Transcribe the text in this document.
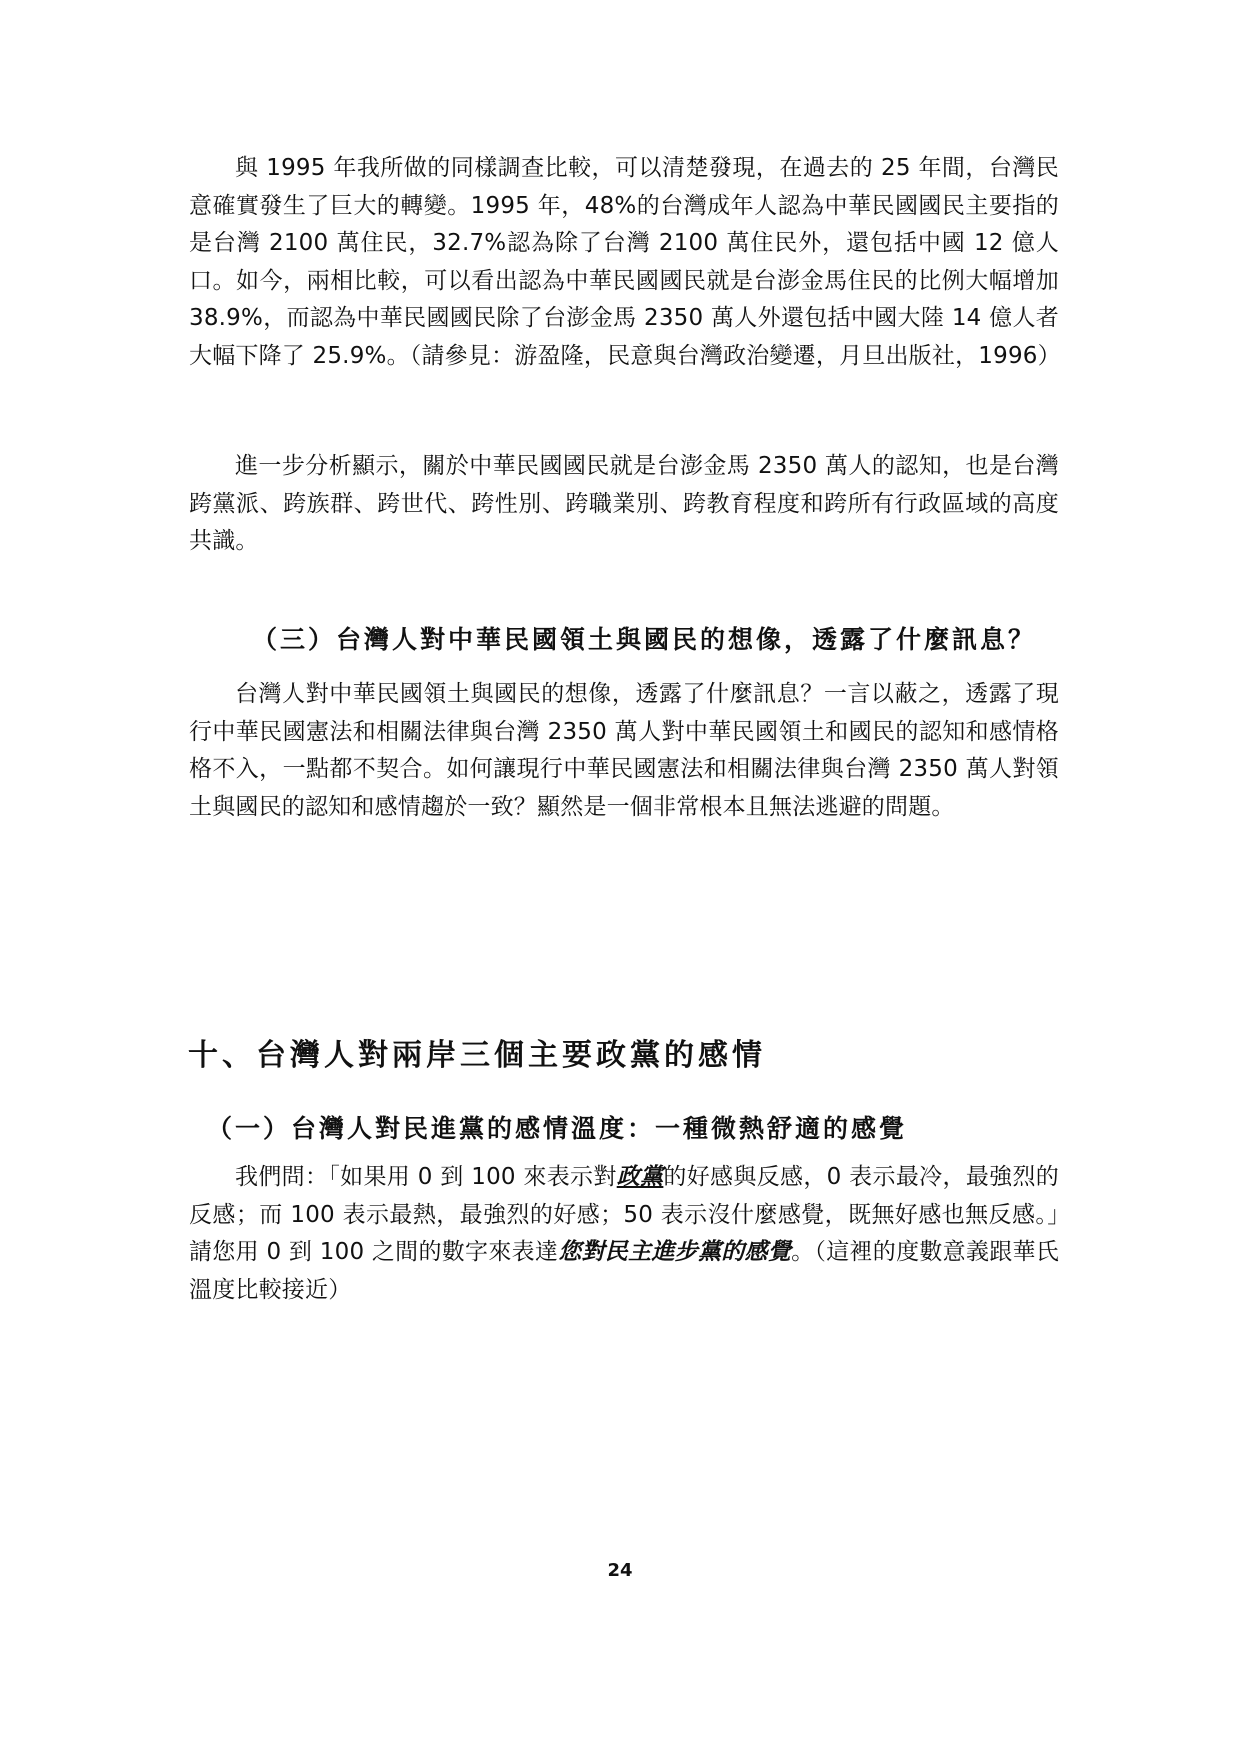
與 1995 年我所做的同樣調查比較，可以清楚發現，在過去的 25 年間，台灣民意確實發生了巨大的轉變。1995 年，48%的台灣成年人認為中華民國國民主要指的是台灣 2100 萬住民，32.7%認為除了台灣 2100 萬住民外，還包括中國 12 億人口。如今，兩相比較，可以看出認為中華民國國民就是台澎金馬住民的比例大幅增加 38.9%，而認為中華民國國民除了台澎金馬 2350 萬人外還包括中國大陸 14 億人者大幅下降了 25.9%。（請參見：游盈隆，民意與台灣政治變遷，月旦出版社，1996）

進一步分析顯示，關於中華民國國民就是台澎金馬 2350 萬人的認知，也是台灣跨黨派、跨族群、跨世代、跨性別、跨職業別、跨教育程度和跨所有行政區域的高度共識。

（三）台灣人對中華民國領土與國民的想像，透露了什麼訊息？

台灣人對中華民國領土與國民的想像，透露了什麼訊息？一言以蔽之，透露了現行中華民國憲法和相關法律與台灣 2350 萬人對中華民國領土和國民的認知和感情格格不入，一點都不契合。如何讓現行中華民國憲法和相關法律與台灣 2350 萬人對領土與國民的認知和感情趨於一致？顯然是一個非常根本且無法逃避的問題。

十、台灣人對兩岸三個主要政黨的感情
（一）台灣人對民進黨的感情溫度：一種微熱舒適的感覺

我們問：「如果用 0 到 100 來表示對政黨的好感與反感，0 表示最冷，最強烈的反感；而 100 表示最熱，最強烈的好感；50 表示沒什麼感覺，既無好感也無反感。」請您用 0 到 100 之間的數字來表達您對民主進步黨的感覺。（這裡的度數意義跟華氏溫度比較接近）

24
